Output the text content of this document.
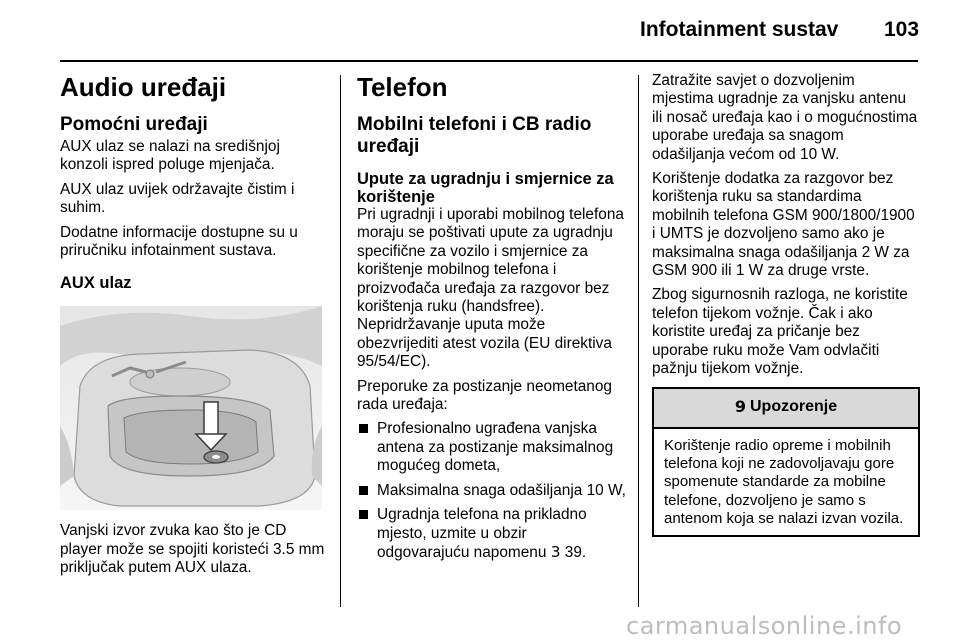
Infotainment sustav 103
Audio uređaji
Pomoćni uređaji

AUX ulaz se nalazi na središnjoj konzoli ispred poluge mjenjača.

AUX ulaz uvijek održavajte čistim i suhim.

Dodatne informacije dostupne su u priručniku infotainment sustava.

AUX ulaz

Vanjski izvor zvuka kao što je CD player može se spojiti koristeći 3.5 mm priključak putem AUX ulaza.

Telefon
Mobilni telefoni i CB radio uređaji
Upute za ugradnju i smjernice za korištenje

Pri ugradnji i uporabi mobilnog telefona moraju se poštivati upute za ugradnju specifične za vozilo i smjernice za korištenje mobilnog telefona i proizvođača uređaja za razgovor bez korištenja ruku (handsfree). Nepridržavanje uputa može obezvrijediti atest vozila (EU direktiva 95/54/EC).

Preporuke za postizanje neometanog rada uređaja:

Profesionalno ugrađena vanjska antena za postizanje maksimalnog mogućeg dometa,
Maksimalna snaga odašiljanja 10 W,
Ugradnja telefona na prikladno mjesto, uzmite u obzir
odgovarajuću napomenu 3 39.

Zatražite savjet o dozvoljenim mjestima ugradnje za vanjsku antenu ili nosač uređaja kao i o mogućnostima uporabe uređaja sa snagom odašiljanja većom od 10 W.

Korištenje dodatka za razgovor bez korištenja ruku sa standardima mobilnih telefona GSM 900/1800/1900 i UMTS je dozvoljeno samo ako je maksimalna snaga odašiljanja 2 W za GSM 900 ili 1 W za druge vrste.

Zbog sigurnosnih razloga, ne koristite telefon tijekom vožnje. Čak i ako koristite uređaj za pričanje bez uporabe ruku može Vam odvlačiti pažnju tijekom vožnje.

9 Upozorenje
Korištenje radio opreme i mobilnih telefona koji ne zadovoljavaju gore spomenute standarde za mobilne telefone, dozvoljeno je samo s antenom koja se nalazi izvan vozila.
carmanualsonline.info
